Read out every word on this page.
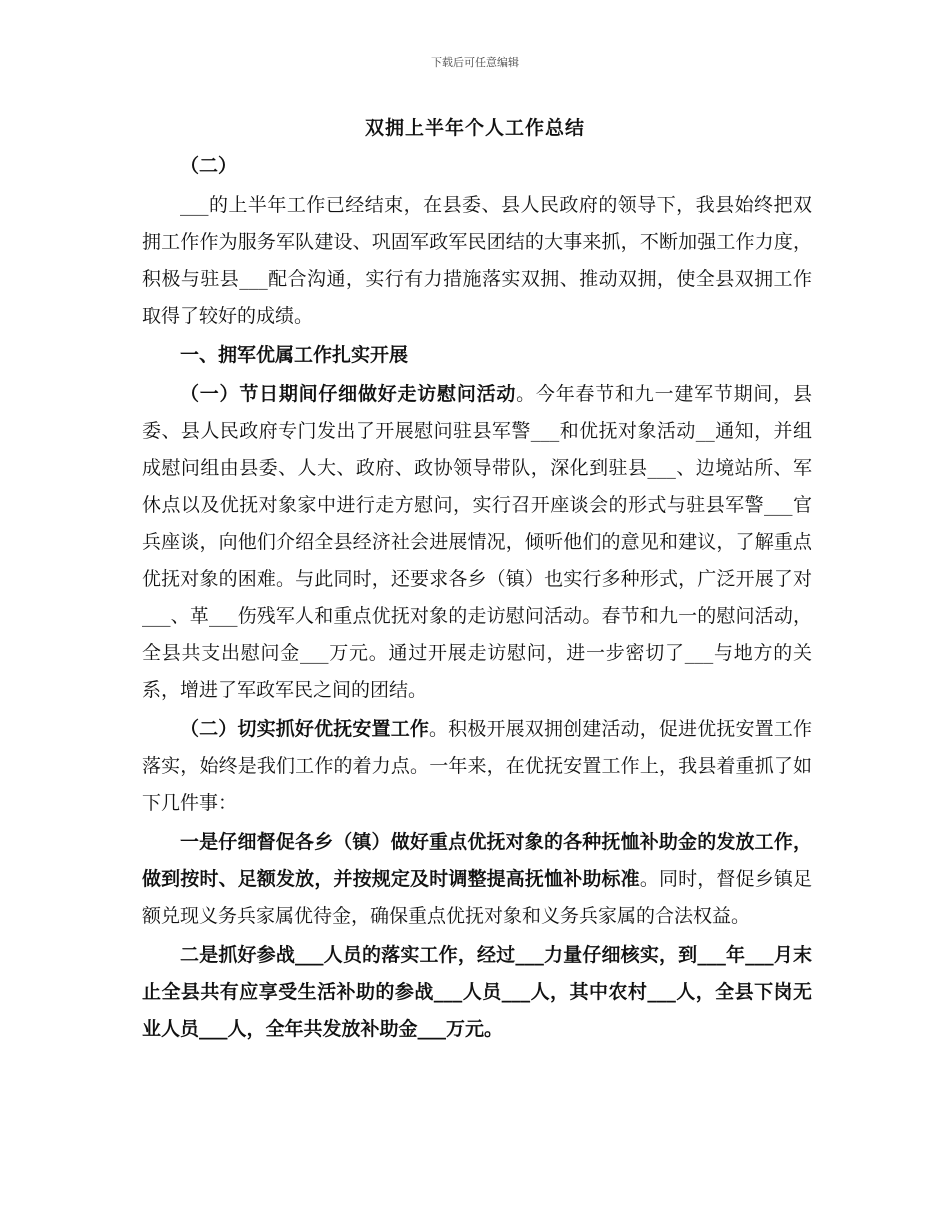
下载后可任意编辑
双拥上半年个人工作总结

（二）

___的上半年工作已经结束，在县委、县人民政府的领导下，我县始终把双拥工作作为服务军队建设、巩固军政军民团结的大事来抓，不断加强工作力度，积极与驻县___配合沟通，实行有力措施落实双拥、推动双拥，使全县双拥工作取得了较好的成绩。

一、拥军优属工作扎实开展

（一）节日期间仔细做好走访慰问活动。今年春节和九一建军节期间，县委、县人民政府专门发出了开展慰问驻县军警___和优抚对象活动__通知，并组成慰问组由县委、人大、政府、政协领导带队，深化到驻县___、边境站所、军休点以及优抚对象家中进行走方慰问，实行召开座谈会的形式与驻县军警___官兵座谈，向他们介绍全县经济社会进展情况，倾听他们的意见和建议，了解重点优抚对象的困难。与此同时，还要求各乡（镇）也实行多种形式，广泛开展了对___、革___伤残军人和重点优抚对象的走访慰问活动。春节和九一的慰问活动，全县共支出慰问金___万元。通过开展走访慰问，进一步密切了___与地方的关系，增进了军政军民之间的团结。

（二）切实抓好优抚安置工作。积极开展双拥创建活动，促进优抚安置工作落实，始终是我们工作的着力点。一年来，在优抚安置工作上，我县着重抓了如下几件事：

一是仔细督促各乡（镇）做好重点优抚对象的各种抚恤补助金的发放工作，做到按时、足额发放，并按规定及时调整提高抚恤补助标准。同时，督促乡镇足额兑现义务兵家属优待金，确保重点优抚对象和义务兵家属的合法权益。

二是抓好参战___人员的落实工作，经过___力量仔细核实，到___年___月末止全县共有应享受生活补助的参战___人员___人，其中农村___人，全县下岗无业人员___人，全年共发放补助金___万元。
